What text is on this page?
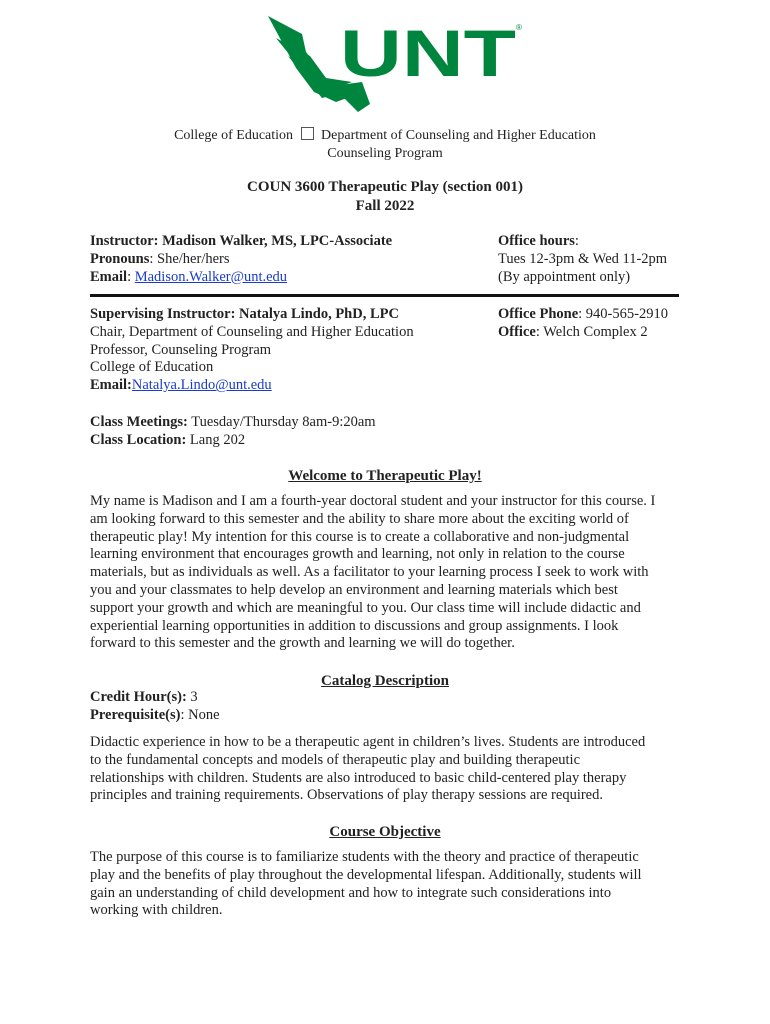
UNT ®
College of Education Department of Counseling and Higher Education
Counseling Program
COUN 3600 Therapeutic Play (section 001)
Fall 2022
Instructor: Madison Walker, MS, LPC-Associate
Pronouns: She/her/hers
Email: Madison.Walker@unt.edu
Office hours:
Tues 12-3pm & Wed 11-2pm
(By appointment only)
Supervising Instructor: Natalya Lindo, PhD, LPC
Chair, Department of Counseling and Higher Education
Professor, Counseling Program
College of Education
Email:Natalya.Lindo@unt.edu
Office Phone: 940-565-2910
Office: Welch Complex 2
Class Meetings: Tuesday/Thursday 8am-9:20am
Class Location: Lang 202
Welcome to Therapeutic Play!
My name is Madison and I am a fourth-year doctoral student and your instructor for this course. I
am looking forward to this semester and the ability to share more about the exciting world of
therapeutic play! My intention for this course is to create a collaborative and non-judgmental
learning environment that encourages growth and learning, not only in relation to the course
materials, but as individuals as well. As a facilitator to your learning process I seek to work with
you and your classmates to help develop an environment and learning materials which best
support your growth and which are meaningful to you. Our class time will include didactic and
experiential learning opportunities in addition to discussions and group assignments. I look
forward to this semester and the growth and learning we will do together.
Catalog Description
Credit Hour(s): 3
Prerequisite(s): None
Didactic experience in how to be a therapeutic agent in children’s lives. Students are introduced
to the fundamental concepts and models of therapeutic play and building therapeutic
relationships with children. Students are also introduced to basic child-centered play therapy
principles and training requirements. Observations of play therapy sessions are required.
Course Objective
The purpose of this course is to familiarize students with the theory and practice of therapeutic
play and the benefits of play throughout the developmental lifespan. Additionally, students will
gain an understanding of child development and how to integrate such considerations into
working with children.
